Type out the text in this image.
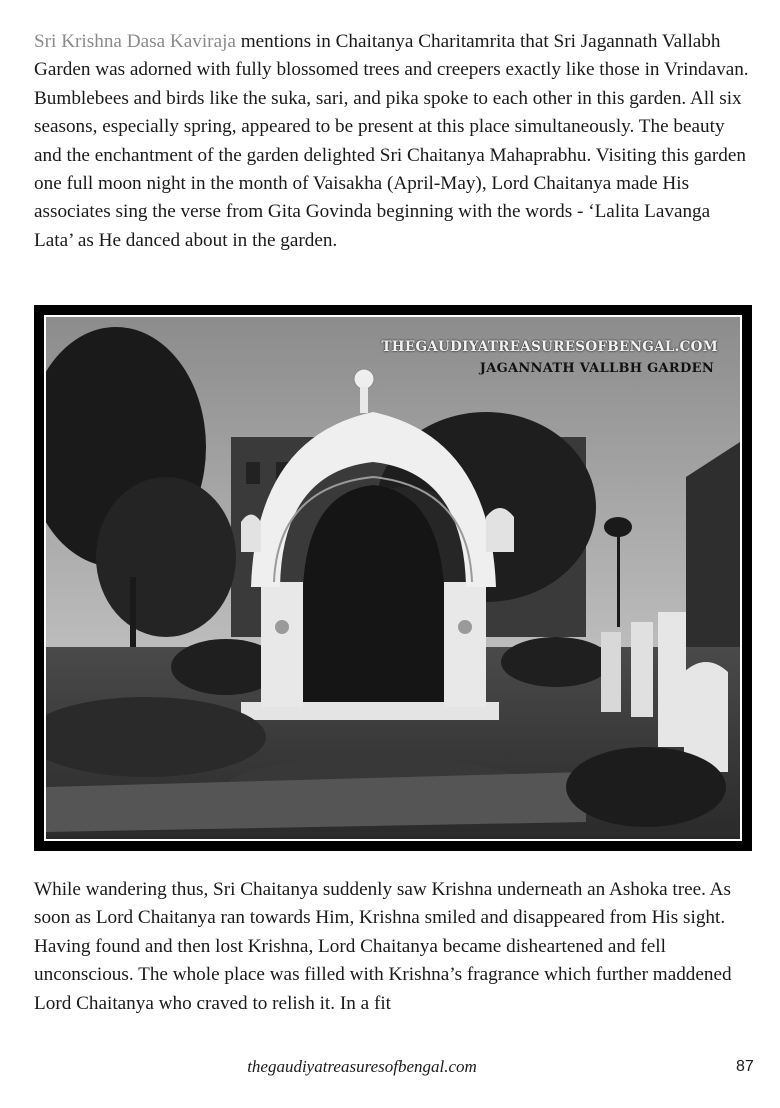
Sri Krishna Dasa Kaviraja mentions in Chaitanya Charitamrita that Sri Jagannath Vallabh Garden was adorned with fully blossomed trees and creepers exactly like those in Vrindavan. Bumblebees and birds like the suka, sari, and pika spoke to each other in this garden. All six seasons, especially spring, appeared to be present at this place simultaneously. The beauty and the enchantment of the garden delighted Sri Chaitanya Mahaprabhu. Visiting this garden one full moon night in the month of Vaisakha (April-May), Lord Chaitanya made His associates sing the verse from Gita Govinda beginning with the words - ‘Lalita Lavanga Lata’ as He danced about in the garden.

THEGAUDIYATREASURESOFBENGAL.COM
JAGANNATH VALLBH GARDEN

While wandering thus, Sri Chaitanya suddenly saw Krishna underneath an Ashoka tree. As soon as Lord Chaitanya ran towards Him, Krishna smiled and disappeared from His sight. Having found and then lost Krishna, Lord Chaitanya became disheartened and fell unconscious. The whole place was filled with Krishna’s fragrance which further maddened Lord Chaitanya who craved to relish it. In a fit

thegaudiyatreasuresofbengal.com	87
